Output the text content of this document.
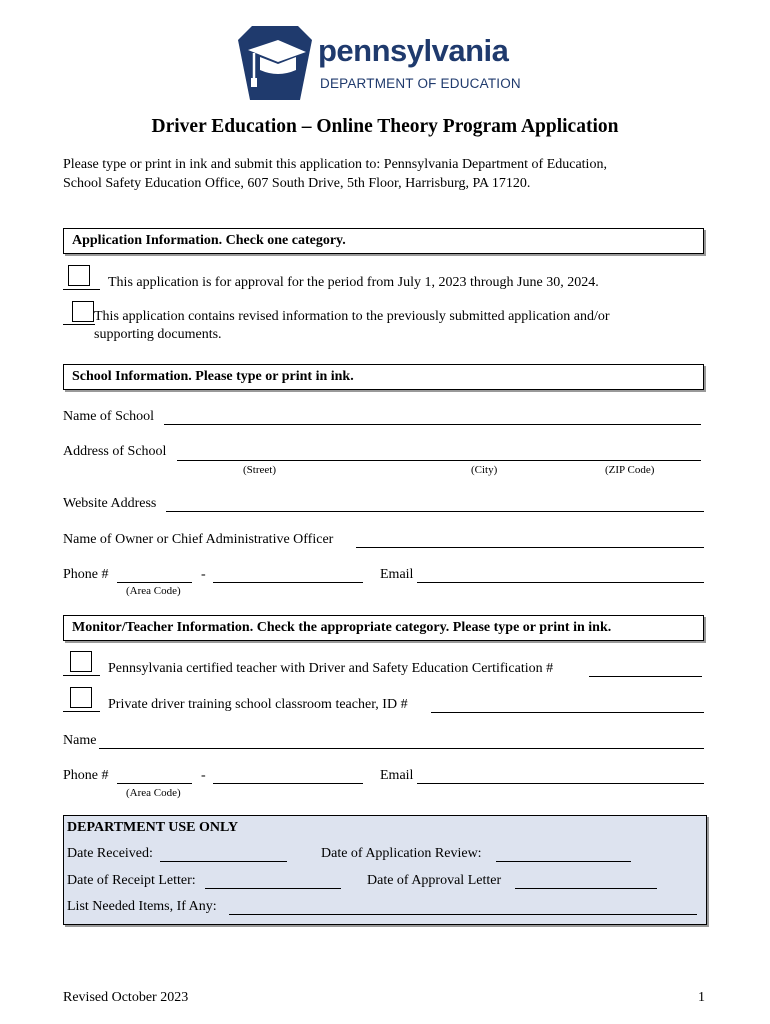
pennsylvania
DEPARTMENT OF EDUCATION
Driver Education – Online Theory Program Application
Please type or print in ink and submit this application to: Pennsylvania Department of Education,
School Safety Education Office, 607 South Drive, 5th Floor, Harrisburg, PA 17120.
Application Information. Check one category.
This application is for approval for the period from July 1, 2023 through June 30, 2024.
This application contains revised information to the previously submitted application and/or
supporting documents.
School Information. Please type or print in ink.
Name of School
Address of School
(Street)	(City)	(ZIP Code)
Website Address
Name of Owner or Chief Administrative Officer
Phone #	-	Email
(Area Code)
Monitor/Teacher Information. Check the appropriate category. Please type or print in ink.
Pennsylvania certified teacher with Driver and Safety Education Certification #
Private driver training school classroom teacher, ID #
Name
Phone #	-	Email
(Area Code)
DEPARTMENT USE ONLY
Date Received:	Date of Application Review:
Date of Receipt Letter:	Date of Approval Letter
List Needed Items, If Any:
Revised October 2023	1
